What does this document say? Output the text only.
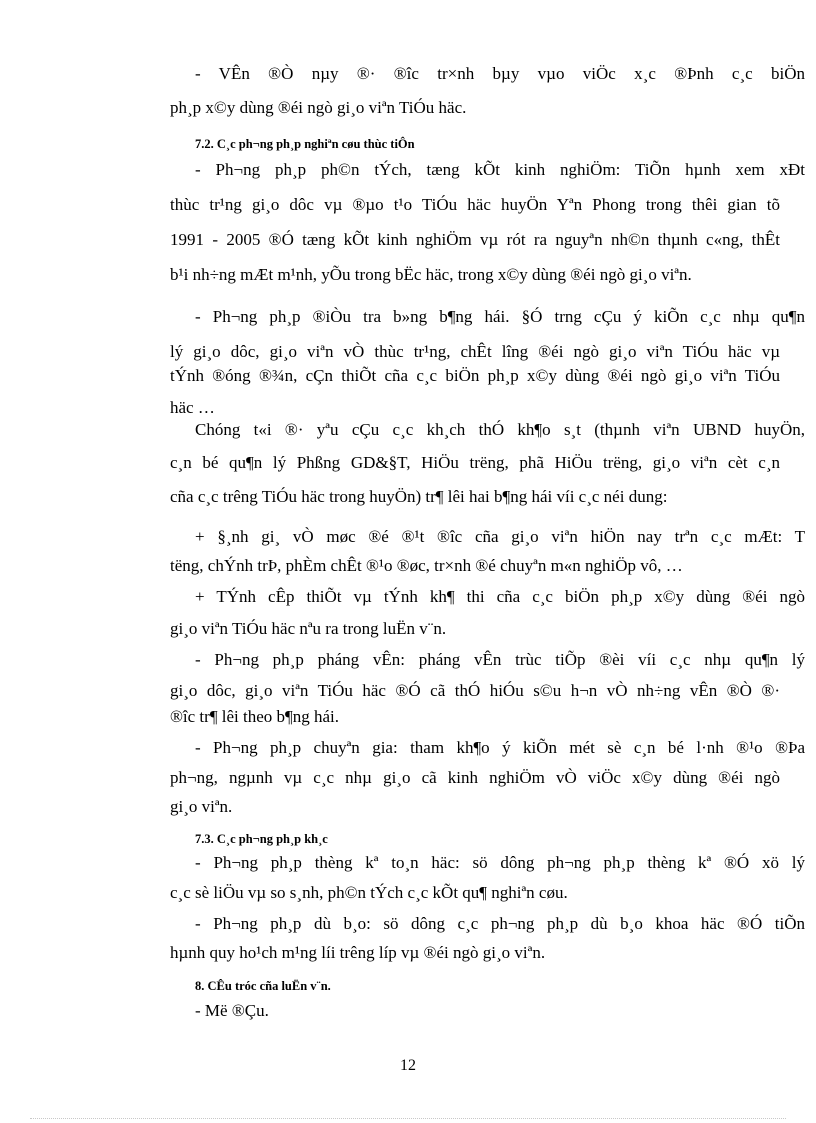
- VÊn ®Ò nµy ®· ®îc tr×nh bµy vµo viÖc x¸c ®Þnh c¸c biÖn
ph¸p x©y dùng ®éi ngò gi¸o viªn TiÓu häc.
7.2. C¸c ph¬ng ph¸p nghiªn cøu thùc tiÔn
- Ph¬ng ph¸p ph©n tÝch, tæng kÕt kinh nghiÖm: TiÕn hµnh xem xÐt
thùc tr¹ng gi¸o dôc vµ ®µo t¹o TiÓu häc huyÖn Yªn Phong trong thêi gian tõ
1991 - 2005 ®Ó tæng kÕt kinh nghiÖm vµ rót ra nguyªn nh©n thµnh c«ng, thÊt
b¹i nh÷ng mÆt m¹nh, yÕu trong bËc häc, trong x©y dùng ®éi ngò gi¸o viªn.
- Ph¬ng ph¸p ®iÒu tra b»ng b¶ng hái. §Ó trng cÇu ý kiÕn c¸c nhµ qu¶n
lý gi¸o dôc, gi¸o viªn vÒ thùc tr¹ng, chÊt lîng ®éi ngò gi¸o viªn TiÓu häc vµ
tÝnh ®óng ®¾n, cÇn thiÕt cña c¸c biÖn ph¸p x©y dùng ®éi ngò gi¸o viªn TiÓu
häc …
Chóng t«i ®· yªu cÇu c¸c kh¸ch thÓ kh¶o s¸t (thµnh viªn UBND huyÖn,
c¸n bé qu¶n lý Phßng GD&§T, HiÖu trëng, phã HiÖu trëng, gi¸o viªn cèt c¸n
cña c¸c trêng TiÓu häc trong huyÖn) tr¶ lêi hai b¶ng hái víi c¸c néi dung:
+ §¸nh gi¸ vÒ møc ®é ®¹t ®îc cña gi¸o viªn hiÖn nay trªn c¸c mÆt: T
tëng, chÝnh trÞ, phÈm chÊt ®¹o ®øc, tr×nh ®é chuyªn m«n nghiÖp vô, …
+ TÝnh cÊp thiÕt vµ tÝnh kh¶ thi cña c¸c biÖn ph¸p x©y dùng ®éi ngò
gi¸o viªn TiÓu häc nªu ra trong luËn v¨n.
- Ph¬ng ph¸p pháng vÊn: pháng vÊn trùc tiÕp ®èi víi c¸c nhµ qu¶n lý
gi¸o dôc, gi¸o viªn TiÓu häc ®Ó cã thÓ hiÓu s©u h¬n vÒ nh÷ng vÊn ®Ò ®·
®îc tr¶ lêi theo b¶ng hái.
- Ph¬ng ph¸p chuyªn gia: tham kh¶o ý kiÕn mét sè c¸n bé l·nh ®¹o ®Þa
ph¬ng, ngµnh vµ c¸c nhµ gi¸o cã kinh nghiÖm vÒ viÖc x©y dùng ®éi ngò
gi¸o viªn.
7.3. C¸c ph¬ng ph¸p kh¸c
- Ph¬ng ph¸p thèng kª to¸n häc: sö dông ph¬ng ph¸p thèng kª ®Ó xö lý
c¸c sè liÖu vµ so s¸nh, ph©n tÝch c¸c kÕt qu¶ nghiªn cøu.
- Ph¬ng ph¸p dù b¸o: sö dông c¸c ph¬ng ph¸p dù b¸o khoa häc ®Ó tiÕn
hµnh quy ho¹ch m¹ng líi trêng líp vµ ®éi ngò gi¸o viªn.
8. CÊu tróc cña luËn v¨n.
- Më ®Çu.
12
